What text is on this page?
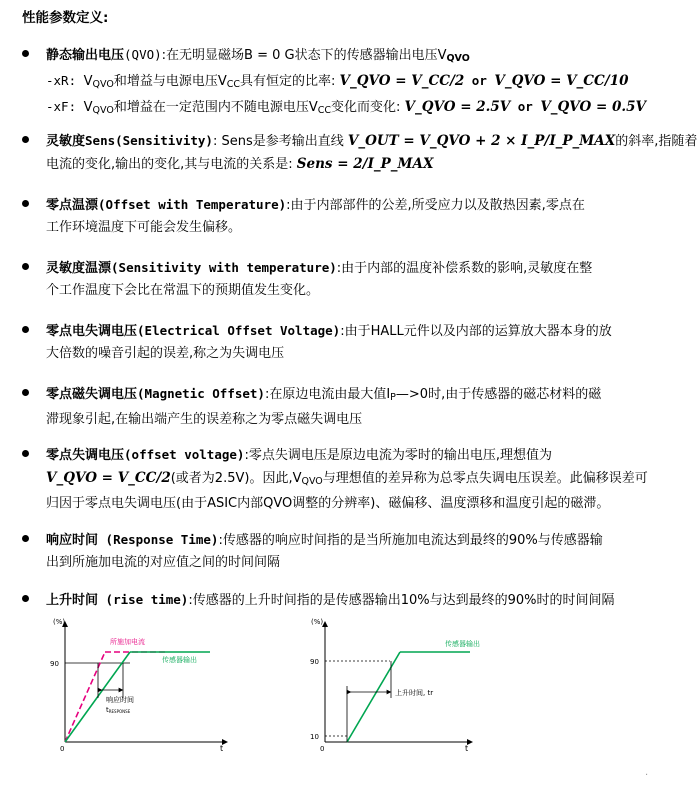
性能参数定义:
静态输出电压(QVO):在无明显磁场B = 0 G状态下的传感器输出电压$V_{QVO}$
-xR: $V_{QVO}$和增益与电源电压$V_{CC}$具有恒定的比率: V_QVO = V_CC/2 or V_QVO = V_CC/10
-xF: $V_{QVO}$和增益在一定范围内不随电源电压$V_{CC}$变化而变化: V_QVO = 2.5V or V_QVO = 0.5V
灵敏度Sens(Sensitivity): Sens是参考输出直线 V_OUT = V_QVO + 2 × I_P/I_P_MAX的斜率,指随着
电流的变化,输出的变化,其与电流的关系是: Sens = 2/I_P_MAX
零点温漂(Offset with Temperature):由于内部部件的公差,所受应力以及散热因素,零点在
工作环境温度下可能会发生偏移。
灵敏度温漂(Sensitivity with temperature):由于内部的温度补偿系数的影响,灵敏度在整
个工作温度下会比在常温下的预期值发生变化。
零点电失调电压(Electrical Offset Voltage):由于HALL元件以及内部的运算放大器本身的放
大倍数的噪音引起的误差,称之为失调电压
零点磁失调电压(Magnetic Offset):在原边电流由最大值$I_P—>0$时,由于传感器的磁芯材料的磁
滞现象引起,在输出端产生的误差称之为零点磁失调电压
零点失调电压(offset voltage):零点失调电压是原边电流为零时的输出电压,理想值为
V_QVO = V_CC/2(或者为2.5V)。因此$,V_{QVO}$与理想值的差异称为总零点失调电压误差。此偏移误差可
归因于零点电失调电压(由于ASIC内部QVO调整的分辨率)、磁偏移、温度漂移和温度引起的磁滞。
响应时间 (Response Time):传感器的响应时间指的是当所施加电流达到最终的90%与传感器输
出到所施加电流的对应值之间的时间间隔
上升时间 (rise time):传感器的上升时间指的是传感器输出10%与达到最终的90%时的时间间隔
(%)
t
0
90
所施加电流
传感器输出
响应时间
tRESPONSE
(%)
t
0
90
10
传感器输出
上升时间, tr
·
